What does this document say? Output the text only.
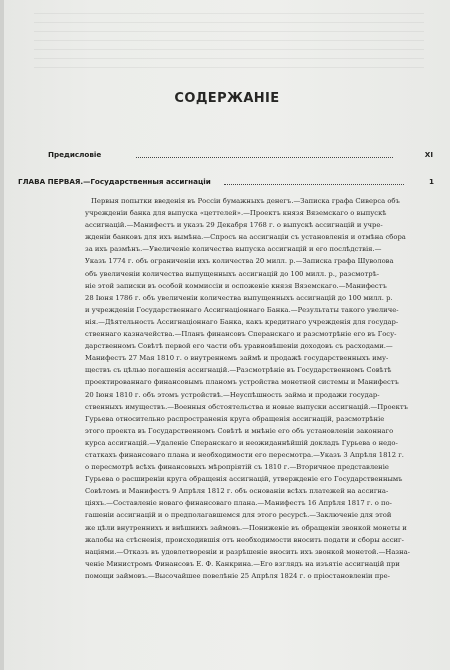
СОДЕРЖАНIЕ
Предисловiе	XI
ГЛАВА ПЕРВАЯ.—Государственныя ассигнацiи	1
Первыя попытки введенiя въ Россiи бумажныхъ денегъ.—Записка графа Сиверса объ
учрежденiи банка для выпуска «цеттелей».—Проектъ князя Вяземскаго о выпускѣ
ассигнацiй.—Манифестъ и указъ 29 Декабря 1768 г. о выпускѣ ассигнацiй и учре-
жденiи банковъ для ихъ вымѣна.—Спросъ на ассигнацiи съ установленiя и отмѣна сбора
за ихъ размѣнъ.—Увеличенiе количества выпуска ассигнацiй и его послѣдствiя.—
Указъ 1774 г. объ ограниченiи ихъ количества 20 милл. р.—Записка графа Шуволова
объ увеличенiи количества выпущенныхъ ассигнацiй до 100 милл. р., разсмотрѣ-
нiе этой записки въ особой коммиссiи и оспоженiе князя Вяземскаго.—Манифестъ
28 Iюня 1786 г. объ увеличенiи количества выпущенныхъ ассигнацiй до 100 милл. р.
и учрежденiи Государственнаго Ассигнацiоннаго Банка.—Результаты такого увеличе-
нiя.—Дѣятельность Ассигнацiоннаго Банка, какъ кредитнаго учрежденiя для государ-
ственнаго казначейства.—Планъ финансовъ Сперанскаго и разсмотрѣнiе его въ Госу-
дарственномъ Совѣтѣ первой его части объ уравновѣшенiи доходовъ съ расходами.—
Манифестъ 27 Мая 1810 г. о внутреннемъ займѣ и продажѣ государственныхъ иму-
ществъ съ цѣлью погашенiя ассигнацiй.—Разсмотрѣнiе въ Государственномъ Совѣтѣ
проектированнаго финансовымъ планомъ устройства монетной системы и Манифестъ
20 Iюня 1810 г. объ этомъ устройствѣ.—Неуспѣшность займа и продажи государ-
ственныхъ имуществъ.—Военныя обстоятельства и новые выпуски ассигнацiй.—Проектъ
Гурьева относительно распространенiя круга обращенiя ассигнацiй, разсмотрѣнiе
этого проекта въ Государственномъ Совѣтѣ и мнѣнiе его объ установленiи законнаго
курса ассигнацiй.—Удаленiе Сперанскаго и неожиданнѣйшiй докладъ Гурьева о недо-
статкахъ финансоваго плана и необходимости его пересмотра.—Указъ 3 Апрѣля 1812 г.
о пересмотрѣ всѣхъ финансовыхъ мѣропрiятiй съ 1810 г.—Вторичное представленiе
Гурьева о расширенiи круга обращенiя ассигнацiй, утвержденiе его Государственнымъ
Совѣтомъ и Манифестъ 9 Апрѣля 1812 г. объ основанiи всѣхъ платежей на ассигна-
цiяхъ.—Составленiе новаго финансоваго плана.—Манифестъ 16 Апрѣля 1817 г. о по-
гашенiи ассигнацiй и о предполагавшемся для этого ресурсѣ.—Заключенiе для этой
же цѣли внутреннихъ и внѣшнихъ займовъ.—Пониженiе въ обращенiи звонкой монеты и
жалобы на стѣсненiя, происходившiя отъ необходимости вносить подати и сборы ассиг-
нацiями.—Отказъ въ удовлетворенiи и разрѣшенiе вносить ихъ звонкой монетой.—Назна-
ченiе Министромъ Финансовъ Е. Ф. Канкрина.—Его взглядъ на изъятiе ассигнацiй при
помощи займовъ.—Высочайшее повелѣнiе 25 Апрѣля 1824 г. о прiостановленiи пре-
